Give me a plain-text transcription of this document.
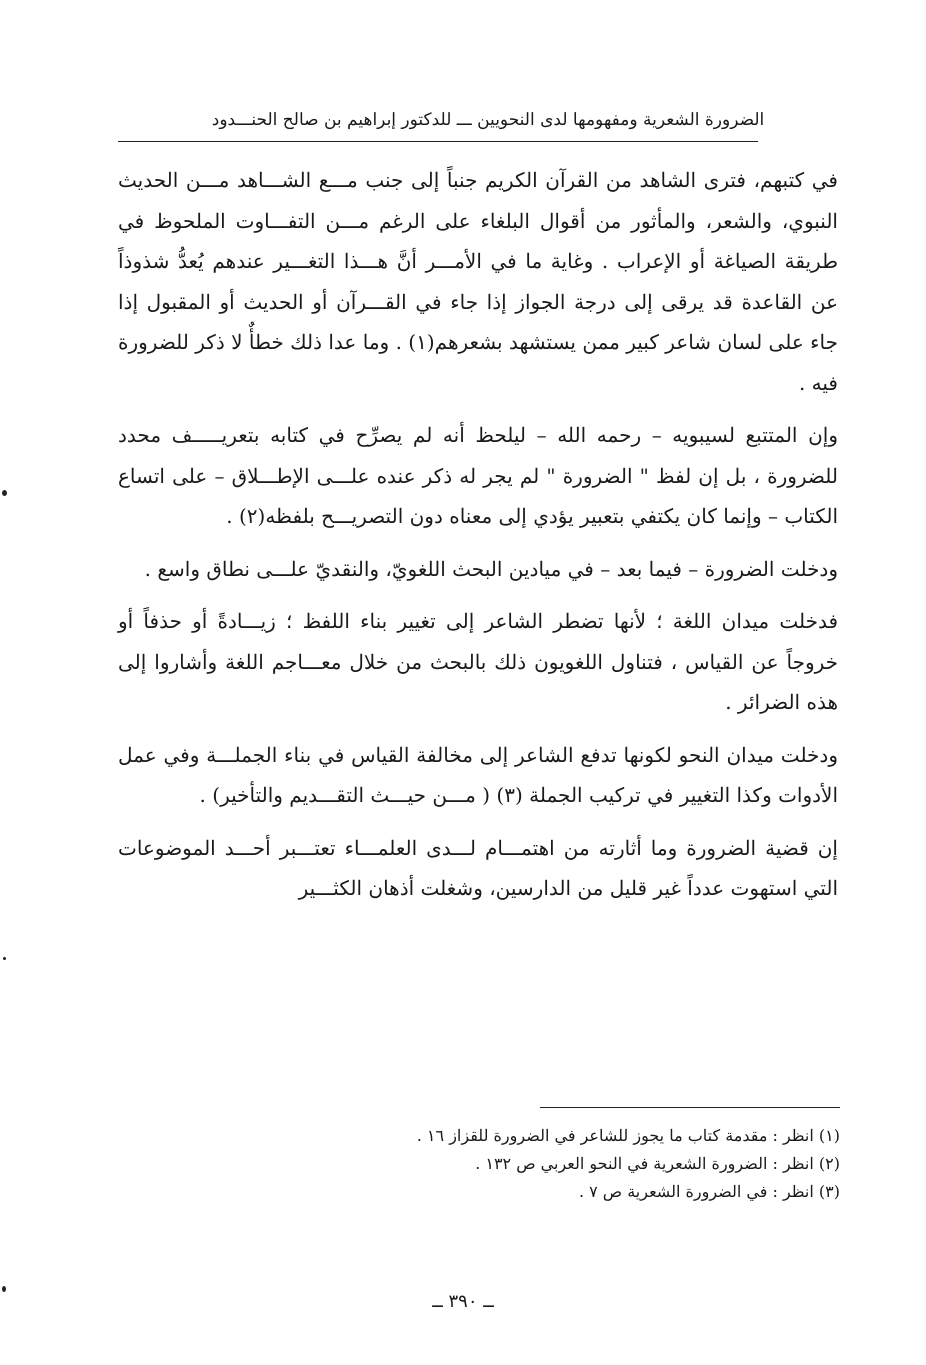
الضرورة الشعرية ومفهومها لدى النحويين ـــ للدكتور إبراهيم بن صالح الحنـــدود

في كتبهم، فترى الشاهد من القرآن الكريم جنباً إلى جنب مـــع الشـــاهد مـــن الحديث النبوي، والشعر، والمأثور من أقوال البلغاء على الرغم مـــن التفـــاوت الملحوظ في طريقة الصياغة أو الإعراب . وغاية ما في الأمـــر أنَّ هـــذا التغـــير عندهم يُعدُّ شذوذاً عن القاعدة قد يرقى إلى درجة الجواز إذا جاء في القـــرآن أو الحديث أو المقبول إذا جاء على لسان شاعر كبير ممن يستشهد بشعرهم(١) . وما عدا ذلك خطأٌ لا ذكر للضرورة فيه .

وإن المتتبع لسيبويه – رحمه الله – ليلحظ أنه لم يصرِّح في كتابه بتعريـــــف محدد للضرورة ، بل إن لفظ " الضرورة " لم يجر له ذكر عنده علـــى الإطـــلاق – على اتساع الكتاب – وإنما كان يكتفي بتعبير يؤدي إلى معناه دون التصريـــح بلفظه(٢) .

ودخلت الضرورة – فيما بعد – في ميادين البحث اللغويّ، والنقديّ علـــى نطاق واسع .

فدخلت ميدان اللغة ؛ لأنها تضطر الشاعر إلى تغيير بناء اللفظ ؛ زيـــادةً أو حذفاً أو خروجاً عن القياس ، فتناول اللغويون ذلك بالبحث من خلال معـــاجم اللغة وأشاروا إلى هذه الضرائر .

ودخلت ميدان النحو لكونها تدفع الشاعر إلى مخالفة القياس في بناء الجملـــة وفي عمل الأدوات وكذا التغيير في تركيب الجملة (٣) ( مـــن حيـــث التقـــديم والتأخير) .

إن قضية الضرورة وما أثارته من اهتمـــام لـــدى العلمـــاء تعتـــبر أحـــد الموضوعات التي استهوت عدداً غير قليل من الدارسين، وشغلت أذهان الكثـــير

(١) انظر : مقدمة كتاب ما يجوز للشاعر في الضرورة للقزاز ١٦ .
(٢) انظر : الضرورة الشعرية في النحو العربي ص ١٣٢ .
(٣) انظر : في الضرورة الشعرية ص ٧ .
ــ ٣٩٠ ــ
